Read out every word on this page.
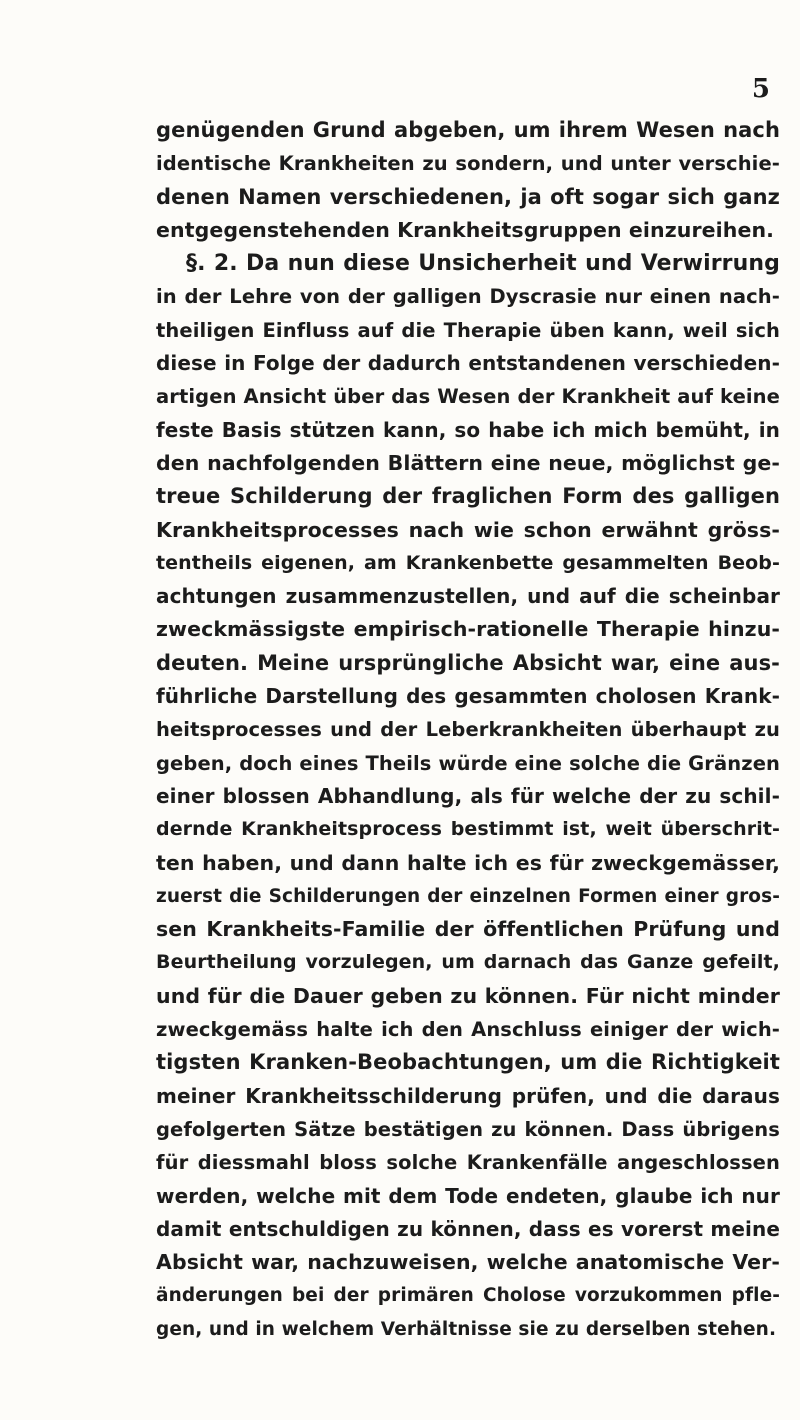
5
genügenden Grund abgeben, um ihrem Wesen nach
identische Krankheiten zu sondern, und unter verschie-
denen Namen verschiedenen, ja oft sogar sich ganz
entgegenstehenden Krankheitsgruppen einzureihen.
§. 2. Da nun diese Unsicherheit und Verwirrung
in der Lehre von der galligen Dyscrasie nur einen nach-
theiligen Einfluss auf die Therapie üben kann, weil sich
diese in Folge der dadurch entstandenen verschieden-
artigen Ansicht über das Wesen der Krankheit auf keine
feste Basis stützen kann, so habe ich mich bemüht, in
den nachfolgenden Blättern eine neue, möglichst ge-
treue Schilderung der fraglichen Form des galligen
Krankheitsprocesses nach wie schon erwähnt gröss-
tentheils eigenen, am Krankenbette gesammelten Beob-
achtungen zusammenzustellen, und auf die scheinbar
zweckmässigste empirisch-rationelle Therapie hinzu-
deuten. Meine ursprüngliche Absicht war, eine aus-
führliche Darstellung des gesammten cholosen Krank-
heitsprocesses und der Leberkrankheiten überhaupt zu
geben, doch eines Theils würde eine solche die Gränzen
einer blossen Abhandlung, als für welche der zu schil-
dernde Krankheitsprocess bestimmt ist, weit überschrit-
ten haben, und dann halte ich es für zweckgemässer,
zuerst die Schilderungen der einzelnen Formen einer gros-
sen Krankheits-Familie der öffentlichen Prüfung und
Beurtheilung vorzulegen, um darnach das Ganze gefeilt,
und für die Dauer geben zu können. Für nicht minder
zweckgemäss halte ich den Anschluss einiger der wich-
tigsten Kranken-Beobachtungen, um die Richtigkeit
meiner Krankheitsschilderung prüfen, und die daraus
gefolgerten Sätze bestätigen zu können. Dass übrigens
für diessmahl bloss solche Krankenfälle angeschlossen
werden, welche mit dem Tode endeten, glaube ich nur
damit entschuldigen zu können, dass es vorerst meine
Absicht war, nachzuweisen, welche anatomische Ver-
änderungen bei der primären Cholose vorzukommen pfle-
gen, und in welchem Verhältnisse sie zu derselben stehen.
